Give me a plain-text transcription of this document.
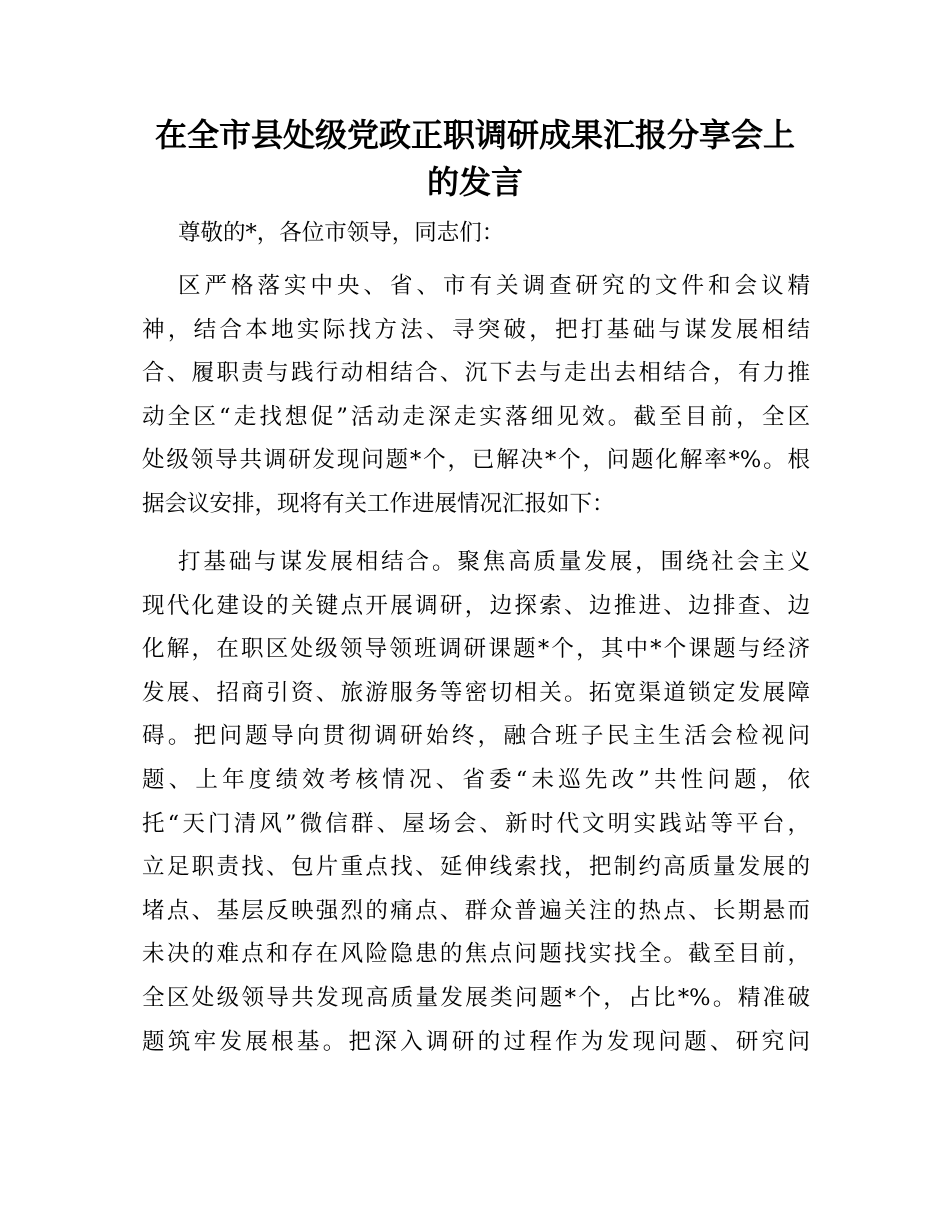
在全市县处级党政正职调研成果汇报分享会上
的发言

尊敬的*，各位市领导，同志们：

区严格落实中央、省、市有关调查研究的文件和会议精
神，结合本地实际找方法、寻突破，把打基础与谋发展相结
合、履职责与践行动相结合、沉下去与走出去相结合，有力推
动全区“走找想促”活动走深走实落细见效。截至目前，全区
处级领导共调研发现问题*个，已解决*个，问题化解率*%。根
据会议安排，现将有关工作进展情况汇报如下：
打基础与谋发展相结合。聚焦高质量发展，围绕社会主义
现代化建设的关键点开展调研，边探索、边推进、边排查、边
化解，在职区处级领导领班调研课题*个，其中*个课题与经济
发展、招商引资、旅游服务等密切相关。拓宽渠道锁定发展障
碍。把问题导向贯彻调研始终，融合班子民主生活会检视问
题、上年度绩效考核情况、省委“未巡先改”共性问题，依
托“天门清风”微信群、屋场会、新时代文明实践站等平台，
立足职责找、包片重点找、延伸线索找，把制约高质量发展的
堵点、基层反映强烈的痛点、群众普遍关注的热点、长期悬而
未决的难点和存在风险隐患的焦点问题找实找全。截至目前，
全区处级领导共发现高质量发展类问题*个，占比*%。精准破
题筑牢发展根基。把深入调研的过程作为发现问题、研究问
